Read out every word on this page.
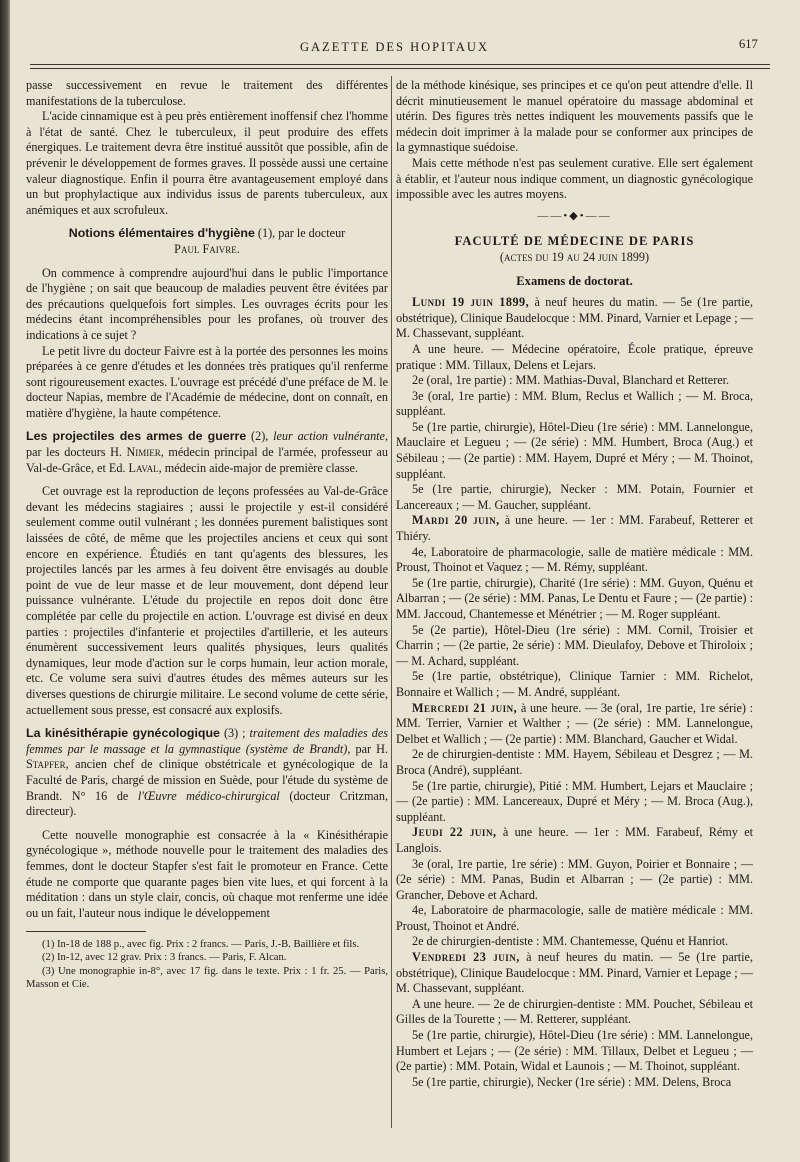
GAZETTE DES HOPITAUX	617

passe successivement en revue le traitement des différentes manifestations de la tuberculose.

L'acide cinnamique est à peu près entièrement inoffensif chez l'homme à l'état de santé. Chez le tuberculeux, il peut produire des effets énergiques. Le traitement devra être institué aussitôt que possible, afin de prévenir le développement de formes graves. Il possède aussi une certaine valeur diagnostique. Enfin il pourra être avantageusement employé dans un but prophylactique aux individus issus de parents tuberculeux, aux anémiques et aux scrofuleux.

Notions élémentaires d'hygiène (1), par le docteur
Paul Faivre.

On commence à comprendre aujourd'hui dans le public l'importance de l'hygiène ; on sait que beaucoup de maladies peuvent être évitées par des précautions quelquefois fort simples. Les ouvrages écrits pour les médecins étant incompréhensibles pour les profanes, où trouver des indications à ce sujet ?

Le petit livre du docteur Faivre est à la portée des personnes les moins préparées à ce genre d'études et les données très pratiques qu'il renferme sont rigoureusement exactes. L'ouvrage est précédé d'une préface de M. le docteur Napias, membre de l'Académie de médecine, dont on connaît, en matière d'hygiène, la haute compétence.

Les projectiles des armes de guerre (2), leur action vulnérante, par les docteurs H. Nimier, médecin principal de l'armée, professeur au Val-de-Grâce, et Ed. Laval, médecin aide-major de première classe.

Cet ouvrage est la reproduction de leçons professées au Val-de-Grâce devant les médecins stagiaires ; aussi le projectile y est-il considéré seulement comme outil vulnérant ; les données purement balistiques sont laissées de côté, de même que les projectiles anciens et ceux qui sont encore en expérience. Étudiés en tant qu'agents des blessures, les projectiles lancés par les armes à feu doivent être envisagés au double point de vue de leur masse et de leur mouvement, dont dépend leur puissance vulnérante. L'étude du projectile en repos doit donc être complétée par celle du projectile en action. L'ouvrage est divisé en deux parties : projectiles d'infanterie et projectiles d'artillerie, et les auteurs énumèrent successivement leurs qualités physiques, leurs qualités dynamiques, leur mode d'action sur le corps humain, leur action morale, etc. Ce volume sera suivi d'autres études des mêmes auteurs sur les diverses questions de chirurgie militaire. Le second volume de cette série, actuellement sous presse, est consacré aux explosifs.

La kinésithérapie gynécologique (3) ; traitement des maladies des femmes par le massage et la gymnastique (système de Brandt), par H. Stapfer, ancien chef de clinique obstétricale et gynécologique de la Faculté de Paris, chargé de mission en Suède, pour l'étude du système de Brandt. N° 16 de l'Œuvre médico-chirurgical (docteur Critzman, directeur).

Cette nouvelle monographie est consacrée à la « Kinésithérapie gynécologique », méthode nouvelle pour le traitement des maladies des femmes, dont le docteur Stapfer s'est fait le promoteur en France. Cette étude ne comporte que quarante pages bien vite lues, et qui forcent à la méditation : dans un style clair, concis, où chaque mot renferme une idée ou un fait, l'auteur nous indique le développement

(1) In-18 de 188 p., avec fig. Prix : 2 francs. — Paris, J.-B. Baillière et fils.

(2) In-12, avec 12 grav. Prix : 3 francs. — Paris, F. Alcan.

(3) Une monographie in-8°, avec 17 fig. dans le texte. Prix : 1 fr. 25. — Paris, Masson et Cie.

de la méthode kinésique, ses principes et ce qu'on peut attendre d'elle. Il décrit minutieusement le manuel opératoire du massage abdominal et utérin. Des figures très nettes indiquent les mouvements passifs que le médecin doit imprimer à la malade pour se conformer aux principes de la gymnastique suédoise.

Mais cette méthode n'est pas seulement curative. Elle sert également à établir, et l'auteur nous indique comment, un diagnostic gynécologique impossible avec les autres moyens.

——•◆•——
FACULTÉ DE MÉDECINE DE PARIS
(actes du 19 au 24 juin 1899)
Examens de doctorat.

Lundi 19 juin 1899, à neuf heures du matin. — 5e (1re partie, obstétrique), Clinique Baudelocque : MM. Pinard, Varnier et Lepage ; — M. Chassevant, suppléant.

A une heure. — Médecine opératoire, École pratique, épreuve pratique : MM. Tillaux, Delens et Lejars.

2e (oral, 1re partie) : MM. Mathias-Duval, Blanchard et Retterer.

3e (oral, 1re partie) : MM. Blum, Reclus et Wallich ; — M. Broca, suppléant.

5e (1re partie, chirurgie), Hôtel-Dieu (1re série) : MM. Lannelongue, Mauclaire et Legueu ; — (2e série) : MM. Humbert, Broca (Aug.) et Sébileau ; — (2e partie) : MM. Hayem, Dupré et Méry ; — M. Thoinot, suppléant.

5e (1re partie, chirurgie), Necker : MM. Potain, Fournier et Lancereaux ; — M. Gaucher, suppléant.

Mardi 20 juin, à une heure. — 1er : MM. Farabeuf, Retterer et Thiéry.

4e, Laboratoire de pharmacologie, salle de matière médicale : MM. Proust, Thoinot et Vaquez ; — M. Rémy, suppléant.

5e (1re partie, chirurgie), Charité (1re série) : MM. Guyon, Quénu et Albarran ; — (2e série) : MM. Panas, Le Dentu et Faure ; — (2e partie) : MM. Jaccoud, Chantemesse et Ménétrier ; — M. Roger suppléant.

5e (2e partie), Hôtel-Dieu (1re série) : MM. Cornil, Troisier et Charrin ; — (2e partie, 2e série) : MM. Dieulafoy, Debove et Thiroloix ; — M. Achard, suppléant.

5e (1re partie, obstétrique), Clinique Tarnier : MM. Richelot, Bonnaire et Wallich ; — M. André, suppléant.

Mercredi 21 juin, à une heure. — 3e (oral, 1re partie, 1re série) : MM. Terrier, Varnier et Walther ; — (2e série) : MM. Lannelongue, Delbet et Wallich ; — (2e partie) : MM. Blanchard, Gaucher et Widal.

2e de chirurgien-dentiste : MM. Hayem, Sébileau et Desgrez ; — M. Broca (André), suppléant.

5e (1re partie, chirurgie), Pitié : MM. Humbert, Lejars et Mauclaire ; — (2e partie) : MM. Lancereaux, Dupré et Méry ; — M. Broca (Aug.), suppléant.

Jeudi 22 juin, à une heure. — 1er : MM. Farabeuf, Rémy et Langlois.

3e (oral, 1re partie, 1re série) : MM. Guyon, Poirier et Bonnaire ; — (2e série) : MM. Panas, Budin et Albarran ; — (2e partie) : MM. Grancher, Debove et Achard.

4e, Laboratoire de pharmacologie, salle de matière médicale : MM. Proust, Thoinot et André.

2e de chirurgien-dentiste : MM. Chantemesse, Quénu et Hanriot.

Vendredi 23 juin, à neuf heures du matin. — 5e (1re partie, obstétrique), Clinique Baudelocque : MM. Pinard, Varnier et Lepage ; — M. Chassevant, suppléant.

A une heure. — 2e de chirurgien-dentiste : MM. Pouchet, Sébileau et Gilles de la Tourette ; — M. Retterer, suppléant.

5e (1re partie, chirurgie), Hôtel-Dieu (1re série) : MM. Lannelongue, Humbert et Lejars ; — (2e série) : MM. Tillaux, Delbet et Legueu ; — (2e partie) : MM. Potain, Widal et Launois ; — M. Thoinot, suppléant.

5e (1re partie, chirurgie), Necker (1re série) : MM. Delens, Broca
